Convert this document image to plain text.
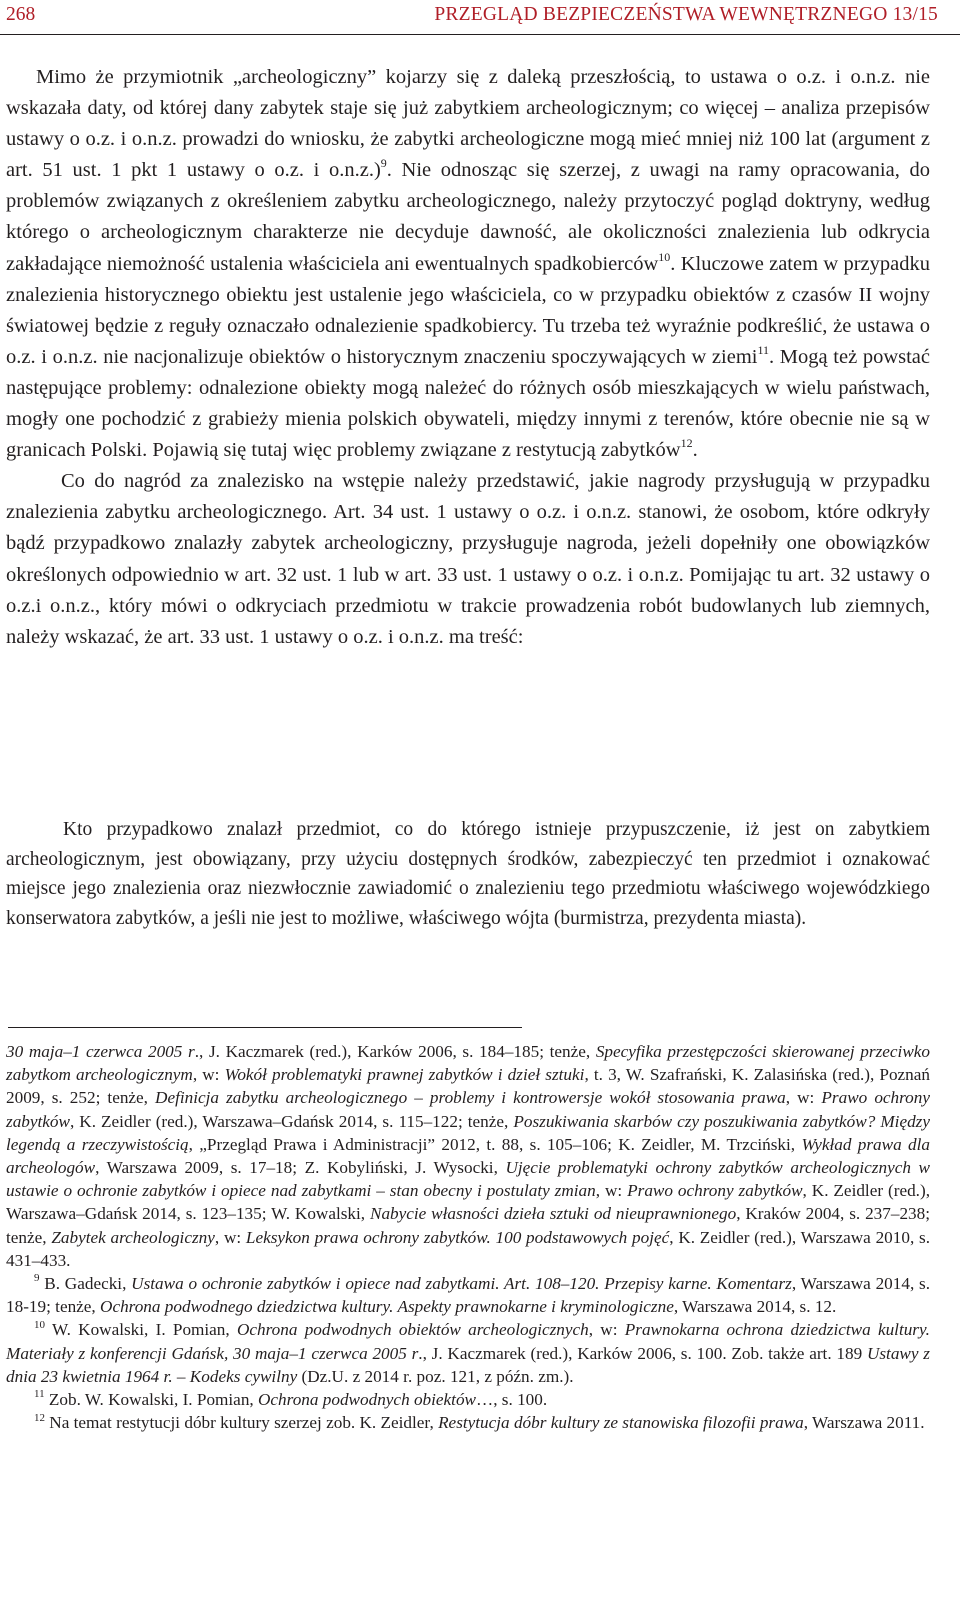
268	PRZEGLĄD BEZPIECZEŃSTWA WEWNĘTRZNEGO 13/15

Mimo że przymiotnik „archeologiczny” kojarzy się z daleką przeszłością, to ustawa o o.z. i o.n.z. nie wskazała daty, od której dany zabytek staje się już zabytkiem archeologicznym; co więcej – analiza przepisów ustawy o o.z. i o.n.z. prowadzi do wniosku, że zabytki archeologiczne mogą mieć mniej niż 100 lat (argument z art. 51 ust. 1 pkt 1 ustawy o o.z. i o.n.z.)$^9$. Nie odnosząc się szerzej, z uwagi na ramy opracowania, do problemów związanych z określeniem zabytku archeologicznego, należy przytoczyć pogląd doktryny, według którego o archeologicznym charakterze nie decyduje dawność, ale okoliczności znalezienia lub odkrycia zakładające niemożność ustalenia właściciela ani ewentualnych spadkobierców$^{10}$. Kluczowe zatem w przypadku znalezienia historycznego obiektu jest ustalenie jego właściciela, co w przypadku obiektów z czasów II wojny światowej będzie z reguły oznaczało odnalezienie spadkobiercy. Tu trzeba też wyraźnie podkreślić, że ustawa o o.z. i o.n.z. nie nacjonalizuje obiektów o historycznym znaczeniu spoczywających w ziemi$^{11}$. Mogą też powstać następujące problemy: odnalezione obiekty mogą należeć do różnych osób mieszkających w wielu państwach, mogły one pochodzić z grabieży mienia polskich obywateli, między innymi z terenów, które obecnie nie są w granicach Polski. Pojawią się tutaj więc problemy związane z restytucją zabytków$^{12}$.

Co do nagród za znalezisko na wstępie należy przedstawić, jakie nagrody przysługują w przypadku znalezienia zabytku archeologicznego. Art. 34 ust. 1 ustawy o o.z. i o.n.z. stanowi, że osobom, które odkryły bądź przypadkowo znalazły zabytek archeologiczny, przysługuje nagroda, jeżeli dopełniły one obowiązków określonych odpowiednio w art. 32 ust. 1 lub w art. 33 ust. 1 ustawy o o.z. i o.n.z. Pomijając tu art. 32 ustawy o o.z.i o.n.z., który mówi o odkryciach przedmiotu w trakcie prowadzenia robót budowlanych lub ziemnych, należy wskazać, że art. 33 ust. 1 ustawy o o.z. i o.n.z. ma treść:

Kto przypadkowo znalazł przedmiot, co do którego istnieje przypuszczenie, iż jest on zabytkiem archeologicznym, jest obowiązany, przy użyciu dostępnych środków, zabezpieczyć ten przedmiot i oznakować miejsce jego znalezienia oraz niezwłocznie zawiadomić o znalezieniu tego przedmiotu właściwego wojewódzkiego konserwatora zabytków, a jeśli nie jest to możliwe, właściwego wójta (burmistrza, prezydenta miasta).

30 maja–1 czerwca 2005 r., J. Kaczmarek (red.), Karków 2006, s. 184–185; tenże, Specyfika przestępczości skierowanej przeciwko zabytkom archeologicznym, w: Wokół problematyki prawnej zabytków i dzieł sztuki, t. 3, W. Szafrański, K. Zalasińska (red.), Poznań 2009, s. 252; tenże, Definicja zabytku archeologicznego – problemy i kontrowersje wokół stosowania prawa, w: Prawo ochrony zabytków, K. Zeidler (red.), Warszawa–Gdańsk 2014, s. 115–122; tenże, Poszukiwania skarbów czy poszukiwania zabytków? Między legendą a rzeczywistością, „Przegląd Prawa i Administracji” 2012, t. 88, s. 105–106; K. Zeidler, M. Trzciński, Wykład prawa dla archeologów, Warszawa 2009, s. 17–18; Z. Kobyliński, J. Wysocki, Ujęcie problematyki ochrony zabytków archeologicznych w ustawie o ochronie zabytków i opiece nad zabytkami – stan obecny i postulaty zmian, w: Prawo ochrony zabytków, K. Zeidler (red.), Warszawa–Gdańsk 2014, s. 123–135; W. Kowalski, Nabycie własności dzieła sztuki od nieuprawnionego, Kraków 2004, s. 237–238; tenże, Zabytek archeologiczny, w: Leksykon prawa ochrony zabytków. 100 podstawowych pojęć, K. Zeidler (red.), Warszawa 2010, s. 431–433.

$^9$ B. Gadecki, Ustawa o ochronie zabytków i opiece nad zabytkami. Art. 108–120. Przepisy karne. Komentarz, Warszawa 2014, s. 18-19; tenże, Ochrona podwodnego dziedzictwa kultury. Aspekty prawnokarne i kryminologiczne, Warszawa 2014, s. 12.

$^{10}$ W. Kowalski, I. Pomian, Ochrona podwodnych obiektów archeologicznych, w: Prawnokarna ochrona dziedzictwa kultury. Materiały z konferencji Gdańsk, 30 maja–1 czerwca 2005 r., J. Kaczmarek (red.), Karków 2006, s. 100. Zob. także art. 189 Ustawy z dnia 23 kwietnia 1964 r. – Kodeks cywilny (Dz.U. z 2014 r. poz. 121, z późn. zm.).

$^{11}$ Zob. W. Kowalski, I. Pomian, Ochrona podwodnych obiektów…, s. 100.

$^{12}$ Na temat restytucji dóbr kultury szerzej zob. K. Zeidler, Restytucja dóbr kultury ze stanowiska filozofii prawa, Warszawa 2011.
